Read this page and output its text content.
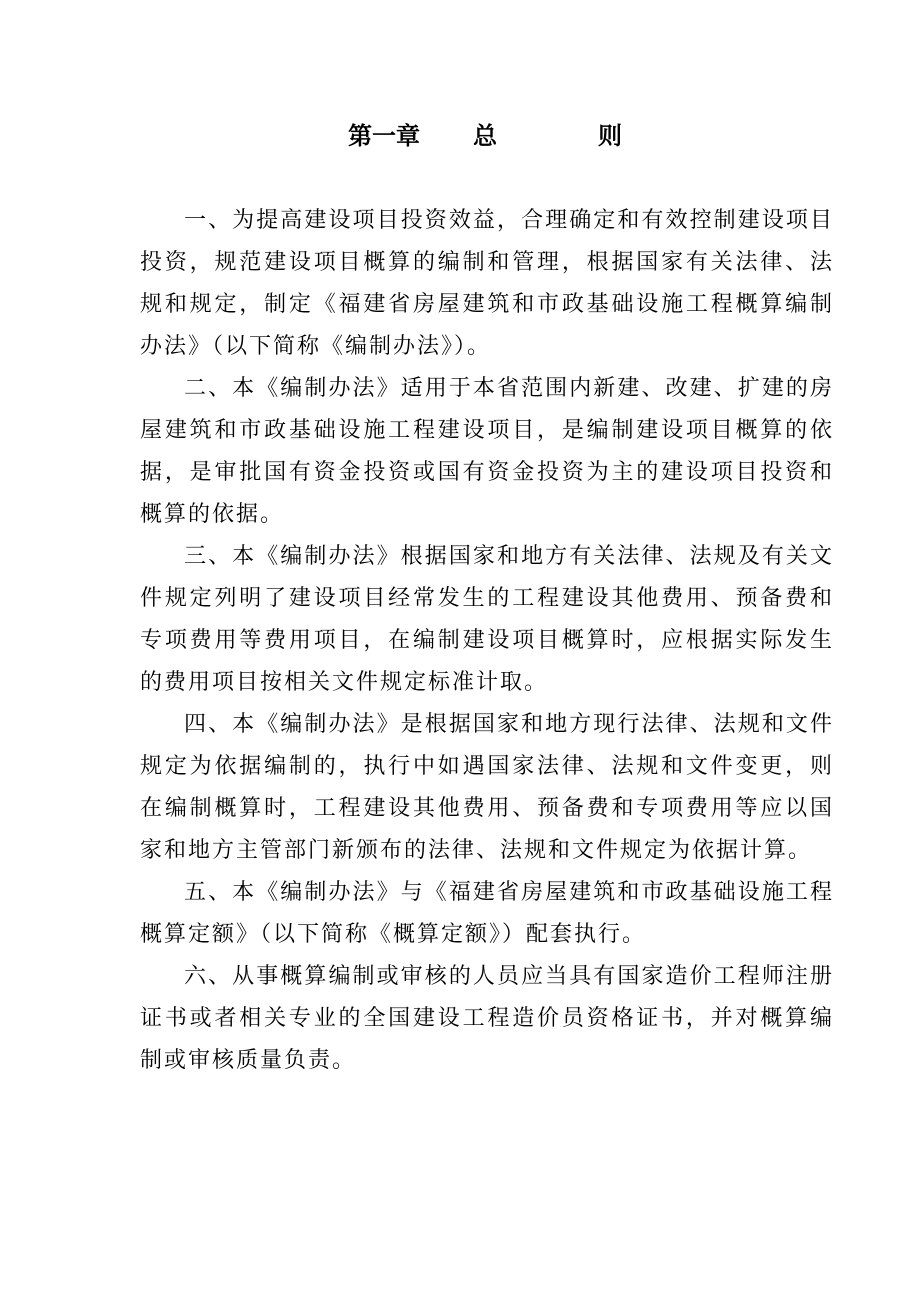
第一章 总	则

一、为提高建设项目投资效益，合理确定和有效控制建设项目投资，规范建设项目概算的编制和管理，根据国家有关法律、法规和规定，制定《福建省房屋建筑和市政基础设施工程概算编制办法》（以下简称《编制办法》）。

二、本《编制办法》适用于本省范围内新建、改建、扩建的房屋建筑和市政基础设施工程建设项目，是编制建设项目概算的依据，是审批国有资金投资或国有资金投资为主的建设项目投资和概算的依据。

三、本《编制办法》根据国家和地方有关法律、法规及有关文件规定列明了建设项目经常发生的工程建设其他费用、预备费和专项费用等费用项目，在编制建设项目概算时，应根据实际发生的费用项目按相关文件规定标准计取。

四、本《编制办法》是根据国家和地方现行法律、法规和文件规定为依据编制的，执行中如遇国家法律、法规和文件变更，则在编制概算时，工程建设其他费用、预备费和专项费用等应以国家和地方主管部门新颁布的法律、法规和文件规定为依据计算。

五、本《编制办法》与《福建省房屋建筑和市政基础设施工程概算定额》（以下简称《概算定额》）配套执行。

六、从事概算编制或审核的人员应当具有国家造价工程师注册证书或者相关专业的全国建设工程造价员资格证书，并对概算编制或审核质量负责。
